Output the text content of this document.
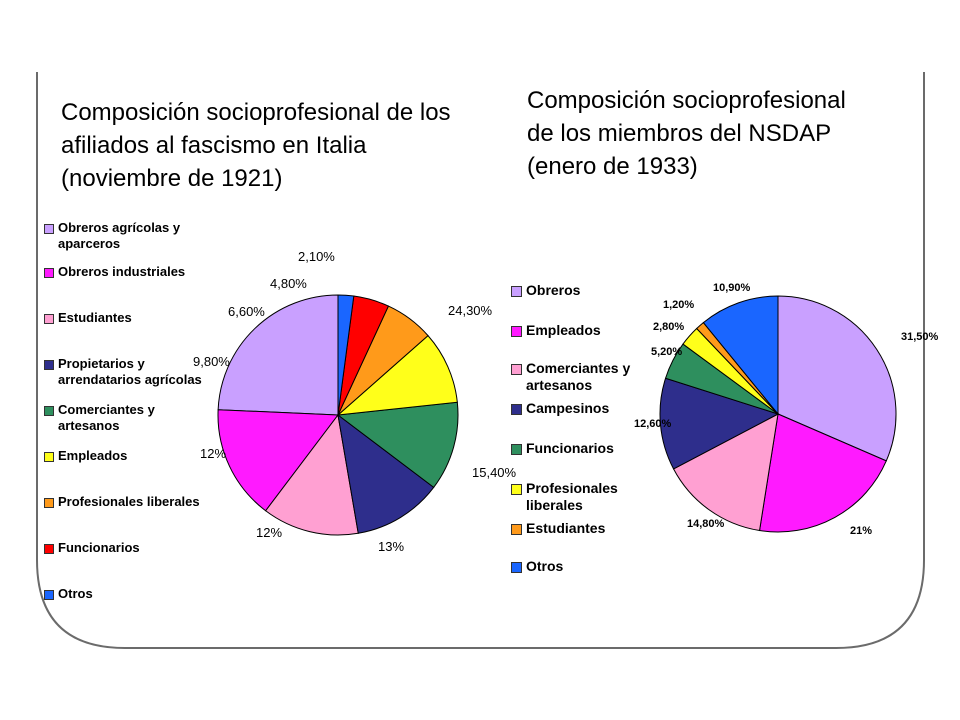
Composición socioprofesional de los
afiliados al fascismo en Italia
(noviembre de 1921)
Composición socioprofesional
de los miembros del NSDAP
(enero de 1933)
Obreros agrícolas y
aparceros
Obreros industriales
Estudiantes
Propietarios y
arrendatarios agrícolas
Comerciantes y
artesanos
Empleados
Profesionales liberales
Funcionarios
Otros
Obreros
Empleados
Comerciantes y
artesanos
Campesinos
Funcionarios
Profesionales
liberales
Estudiantes
Otros
24,30%
15,40%
13%
12%
12%
9,80%
6,60%
4,80%
2,10%
31,50%
21%
14,80%
12,60%
5,20%
2,80%
1,20%
10,90%
